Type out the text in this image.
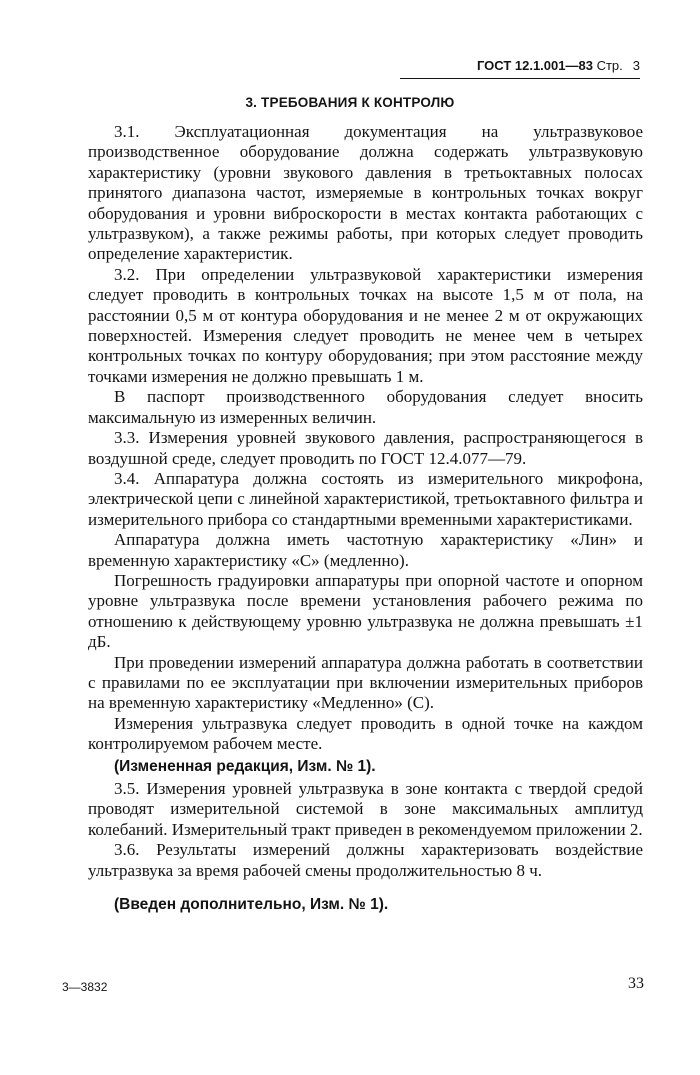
ГОСТ 12.1.001—83 Стр. 3
3. ТРЕБОВАНИЯ К КОНТРОЛЮ

3.1. Эксплуатационная документация на ультразвуковое производственное оборудование должна содержать ультразвуковую характеристику (уровни звукового давления в третьоктавных полосах принятого диапазона частот, измеряемые в контрольных точках вокруг оборудования и уровни виброскорости в местах контакта работающих с ультразвуком), а также режимы работы, при которых следует проводить определение характеристик.

3.2. При определении ультразвуковой характеристики измерения следует проводить в контрольных точках на высоте 1,5 м от пола, на расстоянии 0,5 м от контура оборудования и не менее 2 м от окружающих поверхностей. Измерения следует проводить не менее чем в четырех контрольных точках по контуру оборудования; при этом расстояние между точками измерения не должно превышать 1 м.

В паспорт производственного оборудования следует вносить максимальную из измеренных величин.

3.3. Измерения уровней звукового давления, распространяющегося в воздушной среде, следует проводить по ГОСТ 12.4.077—79.

3.4. Аппаратура должна состоять из измерительного микрофона, электрической цепи с линейной характеристикой, третьоктавного фильтра и измерительного прибора со стандартными временными характеристиками.

Аппаратура должна иметь частотную характеристику «Лин» и временную характеристику «С» (медленно).

Погрешность градуировки аппаратуры при опорной частоте и опорном уровне ультразвука после времени установления рабочего режима по отношению к действующему уровню ультразвука не должна превышать ±1 дБ.

При проведении измерений аппаратура должна работать в соответствии с правилами по ее эксплуатации при включении измерительных приборов на временную характеристику «Медленно» (С).

Измерения ультразвука следует проводить в одной точке на каждом контролируемом рабочем месте.

(Измененная редакция, Изм. № 1).

3.5. Измерения уровней ультразвука в зоне контакта с твердой средой проводят измерительной системой в зоне максимальных амплитуд колебаний. Измерительный тракт приведен в рекомендуемом приложении 2.

3.6. Результаты измерений должны характеризовать воздействие ультразвука за время рабочей смены продолжительностью 8 ч.

(Введен дополнительно, Изм. № 1).

3—3832	33
